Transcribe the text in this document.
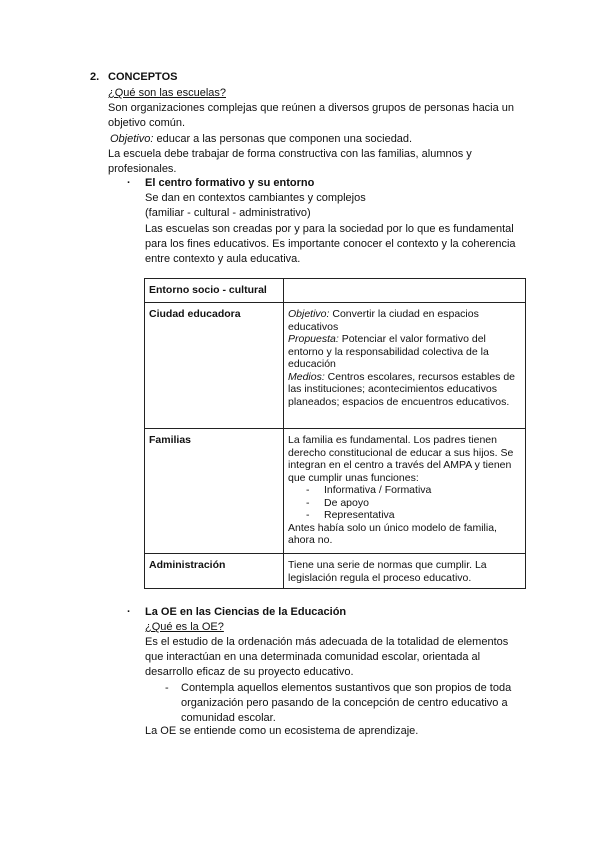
2. CONCEPTOS
¿Qué son las escuelas?
Son organizaciones complejas que reúnen a diversos grupos de personas hacia un
objetivo común.
Objetivo: educar a las personas que componen una sociedad.
La escuela debe trabajar de forma constructiva con las familias, alumnos y
profesionales.
· El centro formativo y su entorno
Se dan en contextos cambiantes y complejos
(familiar - cultural - administrativo)
Las escuelas son creadas por y para la sociedad por lo que es fundamental
para los fines educativos. Es importante conocer el contexto y la coherencia
entre contexto y aula educativa.
Entorno socio - cultural	
Ciudad educadora	Objetivo: Convertir la ciudad en espacios educativos
Propuesta: Potenciar el valor formativo del entorno y la responsabilidad colectiva de la educación
Medios: Centros escolares, recursos estables de las instituciones; acontecimientos educativos planeados; espacios de encuentros educativos.
Familias	La familia es fundamental. Los padres tienen derecho constitucional de educar a sus hijos. Se integran en el centro a través del AMPA y tienen que cumplir unas funciones:
- Informativa / Formativa
- De apoyo
- Representativa
Antes había solo un único modelo de familia, ahora no.

Administración	Tiene una serie de normas que cumplir. La legislación regula el proceso educativo.
· La OE en las Ciencias de la Educación
¿Qué es la OE?
Es el estudio de la ordenación más adecuada de la totalidad de elementos
que interactúan en una determinada comunidad escolar, orientada al
desarrollo eficaz de su proyecto educativo.
- Contempla aquellos elementos sustantivos que son propios de toda
organización pero pasando de la concepción de centro educativo a
comunidad escolar.
La OE se entiende como un ecosistema de aprendizaje.
